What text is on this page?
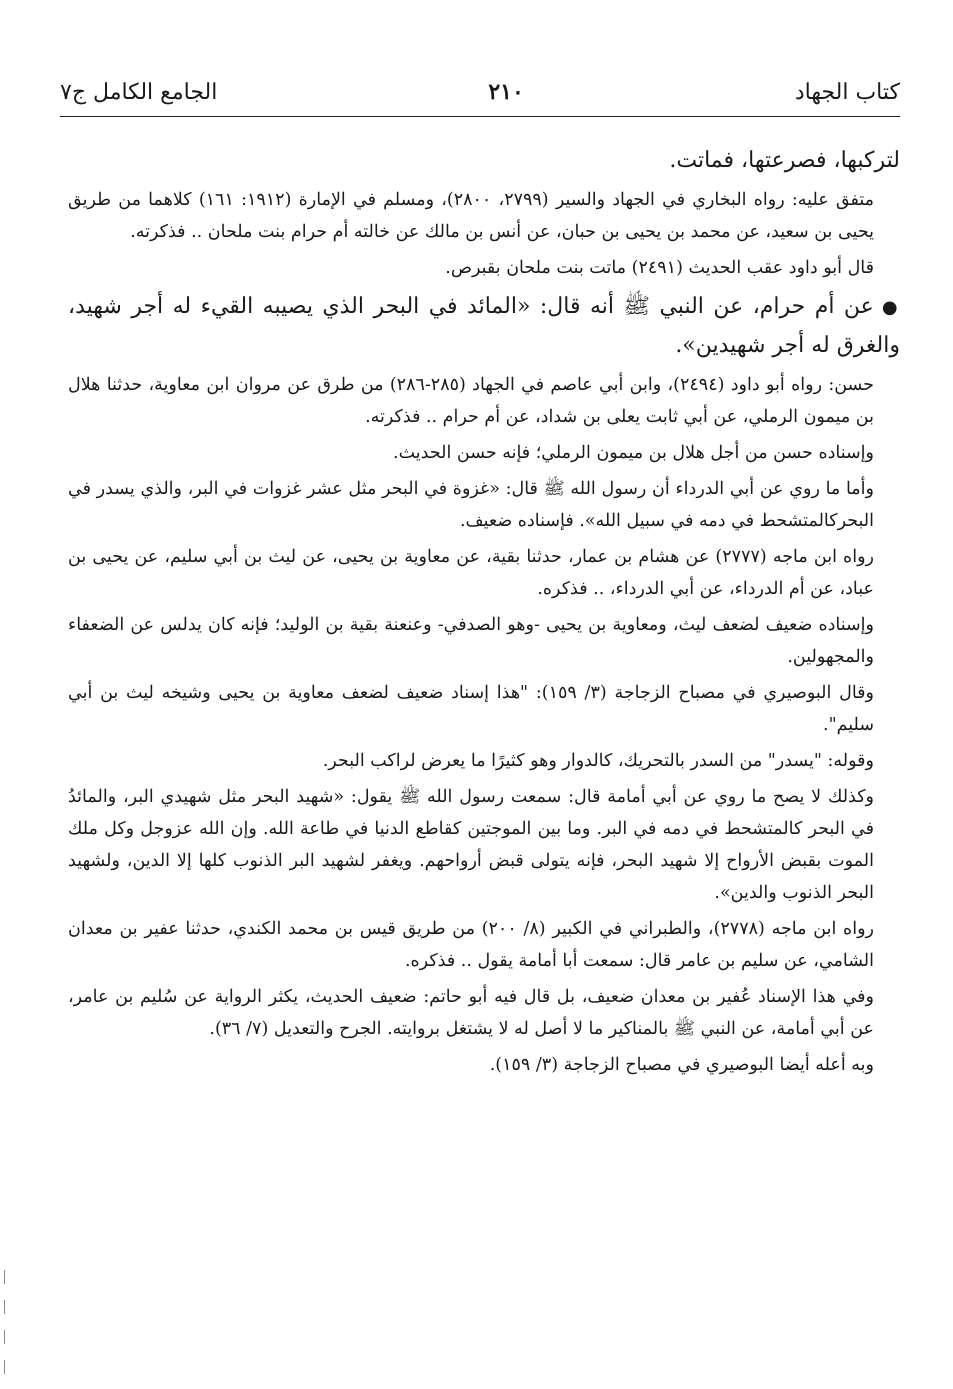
كتاب الجهاد
٢١٠
الجامع الكامل ج٧

لتركبها، فصرعتها، فماتت.

متفق عليه: رواه البخاري في الجهاد والسير (٢٧٩٩، ٢٨٠٠)، ومسلم في الإمارة (١٩١٢: ١٦١) كلاهما من طريق يحيى بن سعيد، عن محمد بن يحيى بن حبان، عن أنس بن مالك عن خالته أم حرام بنت ملحان .. فذكرته.

قال أبو داود عقب الحديث (٢٤٩١) ماتت بنت ملحان بقبرص.

●عن أم حرام، عن النبي ﷺ أنه قال: «المائد في البحر الذي يصيبه القيء له أجر شهيد، والغرق له أجر شهيدين».

حسن: رواه أبو داود (٢٤٩٤)، وابن أبي عاصم في الجهاد (٢٨٥-٢٨٦) من طرق عن مروان ابن معاوية، حدثنا هلال بن ميمون الرملي، عن أبي ثابت يعلى بن شداد، عن أم حرام .. فذكرته.

وإسناده حسن من أجل هلال بن ميمون الرملي؛ فإنه حسن الحديث.

وأما ما روي عن أبي الدرداء أن رسول الله ﷺ قال: «غزوة في البحر مثل عشر غزوات في البر، والذي يسدر في البحركالمتشحط في دمه في سبيل الله». فإسناده ضعيف.

رواه ابن ماجه (٢٧٧٧) عن هشام بن عمار، حدثنا بقية، عن معاوية بن يحيى، عن ليث بن أبي سليم، عن يحيى بن عباد، عن أم الدرداء، عن أبي الدرداء، .. فذكره.

وإسناده ضعيف لضعف ليث، ومعاوية بن يحيى -وهو الصدفي- وعنعنة بقية بن الوليد؛ فإنه كان يدلس عن الضعفاء والمجهولين.

وقال البوصيري في مصباح الزجاجة (٣/ ١٥٩): "هذا إسناد ضعيف لضعف معاوية بن يحيى وشيخه ليث بن أبي سليم".

وقوله: "يسدر" من السدر بالتحريك، كالدوار وهو كثيرًا ما يعرض لراكب البحر.

وكذلك لا يصح ما روي عن أبي أمامة قال: سمعت رسول الله ﷺ يقول: «شهيد البحر مثل شهيدي البر، والمائدُ في البحر كالمتشحط في دمه في البر. وما بين الموجتين كقاطع الدنيا في طاعة الله. وإن الله عزوجل وكل ملك الموت بقبض الأرواح إلا شهيد البحر، فإنه يتولى قبض أرواحهم. ويغفر لشهيد البر الذنوب كلها إلا الدين، ولشهيد البحر الذنوب والدين».

رواه ابن ماجه (٢٧٧٨)، والطبراني في الكبير (٨/ ٢٠٠) من طريق قيس بن محمد الكندي، حدثنا عفير بن معدان الشامي، عن سليم بن عامر قال: سمعت أبا أمامة يقول .. فذكره.

وفي هذا الإسناد عُفير بن معدان ضعيف، بل قال فيه أبو حاتم: ضعيف الحديث، يكثر الرواية عن سُليم بن عامر، عن أبي أمامة، عن النبي ﷺ بالمناكير ما لا أصل له لا يشتغل بروايته. الجرح والتعديل (٧/ ٣٦).

وبه أعله أيضا البوصيري في مصباح الزجاجة (٣/ ١٥٩).
